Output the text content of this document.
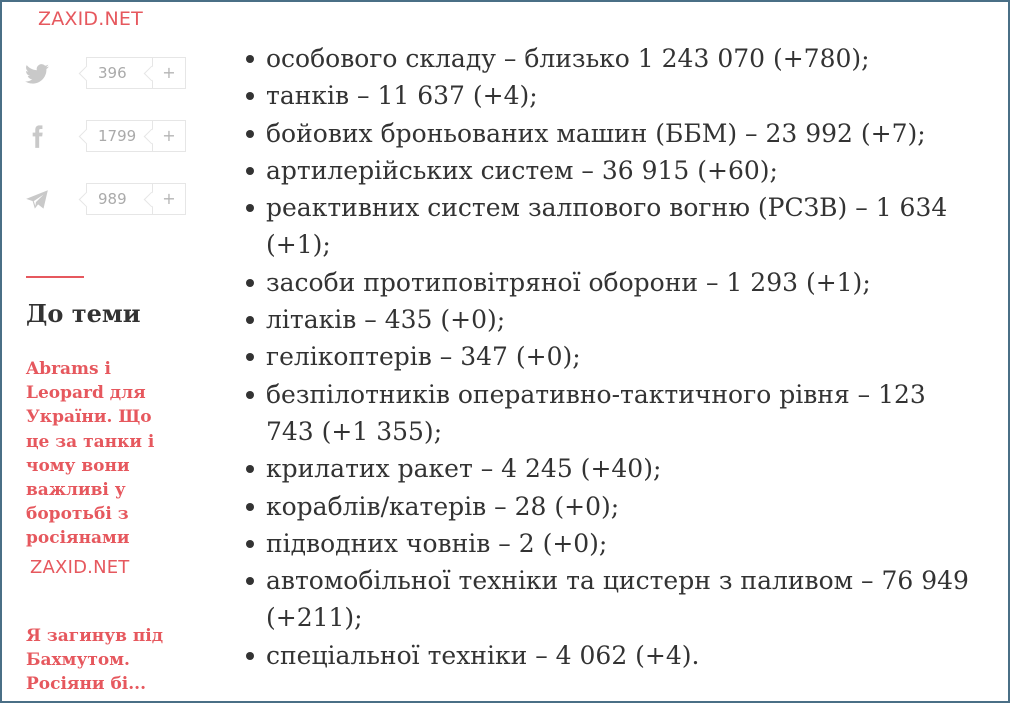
ZAXID.NET
396	+
1799	+
989	+
До теми
Abrams і Leopard для України. Що це за танки і чому вони важливі у боротьбі з росіянами
ZAXID.NET
Я загинув під Бахмутом. Росіяни бі...
особового складу – близько 1 243 070 (+780);
танків – 11 637 (+4);
бойових броньованих машин (ББМ) – 23 992 (+7);
артилерійських систем – 36 915 (+60);
реактивних систем залпового вогню (РСЗВ) – 1 634 (+1);
засоби протиповітряної оборони – 1 293 (+1);
літаків – 435 (+0);
гелікоптерів – 347 (+0);
безпілотників оперативно-тактичного рівня – 123 743 (+1 355);
крилатих ракет – 4 245 (+40);
кораблів/катерів – 28 (+0);
підводних човнів – 2 (+0);
автомобільної техніки та цистерн з паливом – 76 949 (+211);
спеціальної техніки – 4 062 (+4).
